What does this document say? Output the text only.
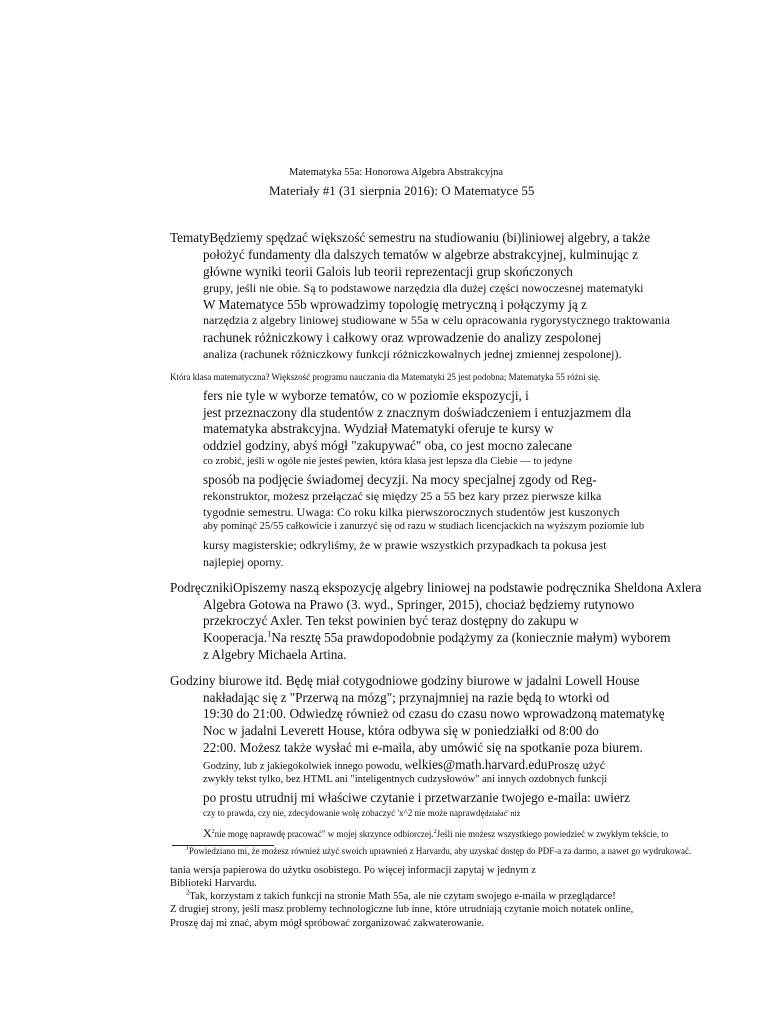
Matematyka 55a: Honorowa Algebra Abstrakcyjna
Materiały #1 (31 sierpnia 2016): O Matematyce 55
TematyBędziemy spędzać większość semestru na studiowaniu (bi)liniowej algebry, a także
położyć fundamenty dla dalszych tematów w algebrze abstrakcyjnej, kulminując z
główne wyniki teorii Galois lub teorii reprezentacji grup skończonych
grupy, jeśli nie obie. Są to podstawowe narzędzia dla dużej części nowoczesnej matematyki
W Matematyce 55b wprowadzimy topologię metryczną i połączymy ją z
narzędzia z algebry liniowej studiowane w 55a w celu opracowania rygorystycznego traktowania
rachunek różniczkowy i całkowy oraz wprowadzenie do analizy zespolonej
analiza (rachunek różniczkowy funkcji różniczkowalnych jednej zmiennej zespolonej).
Która klasa matematyczna? Większość programu nauczania dla Matematyki 25 jest podobna; Matematyka 55 różni się.
fers nie tyle w wyborze tematów, co w poziomie ekspozycji, i
jest przeznaczony dla studentów z znacznym doświadczeniem i entuzjazmem dla
matematyka abstrakcyjna. Wydział Matematyki oferuje te kursy w
oddziel godziny, abyś mógł "zakupywać" oba, co jest mocno zalecane
co zrobić, jeśli w ogóle nie jesteś pewien, która klasa jest lepsza dla Ciebie — to jedyne
sposób na podjęcie świadomej decyzji. Na mocy specjalnej zgody od Reg-
rekonstruktor, możesz przełączać się między 25 a 55 bez kary przez pierwsze kilka
tygodnie semestru. Uwaga: Co roku kilka pierwszorocznych studentów jest kuszonych
aby pominąć 25/55 całkowicie i zanurzyć się od razu w studiach licencjackich na wyższym poziomie lub
kursy magisterskie; odkryliśmy, że w prawie wszystkich przypadkach ta pokusa jest
najlepiej oporny.
PodręcznikiOpiszemy naszą ekspozycję algebry liniowej na podstawie podręcznika Sheldona Axlera
Algebra Gotowa na Prawo (3. wyd., Springer, 2015), chociaż będziemy rutynowo
przekroczyć Axler. Ten tekst powinien być teraz dostępny do zakupu w
Kooperacja.$^1$Na resztę 55a prawdopodobnie podążymy za (koniecznie małym) wyborem
z Algebry Michaela Artina.
Godziny biurowe itd. Będę miał cotygodniowe godziny biurowe w jadalni Lowell House
nakładając się z "Przerwą na mózg"; przynajmniej na razie będą to wtorki od
19:30 do 21:00. Odwiedzę również od czasu do czasu nowo wprowadzoną matematykę
Noc w jadalni Leverett House, która odbywa się w poniedziałki od 8:00 do
22:00. Możesz także wysłać mi e-maila, aby umówić się na spotkanie poza biurem.
Godziny, lub z jakiegokolwiek innego powodu, welkies@math.harvard.eduProszę użyć
zwykły tekst tylko, bez HTML ani "inteligentnych cudzysłowów" ani innych ozdobnych funkcji
po prostu utrudnij mi właściwe czytanie i przetwarzanie twojego e-maila: uwierz
czy to prawda, czy nie, zdecydowanie wolę zobaczyć 'x^2 nie może naprawdędziałać' niż
$X^2nie$ mogę naprawdę pracować" w mojej skrzynce odbiorczej.$^2$Jeśli nie możesz wszystkiego powiedzieć w zwykłym tekście, to
$^1$Powiedziano mi, że możesz również użyć swoich uprawnień z Harvardu, aby uzyskać dostęp do PDF-a za darmo, a nawet go wydrukować.
tania wersja papierowa do użytku osobistego. Po więcej informacji zapytaj w jednym z
Biblioteki Harvardu.
$^2$Tak, korzystam z takich funkcji na stronie Math 55a, ale nie czytam swojego e-maila w przeglądarce!
Z drugiej strony, jeśli masz problemy technologiczne lub inne, które utrudniają czytanie moich notatek online,
Proszę daj mi znać, abym mógł spróbować zorganizować zakwaterowanie.
